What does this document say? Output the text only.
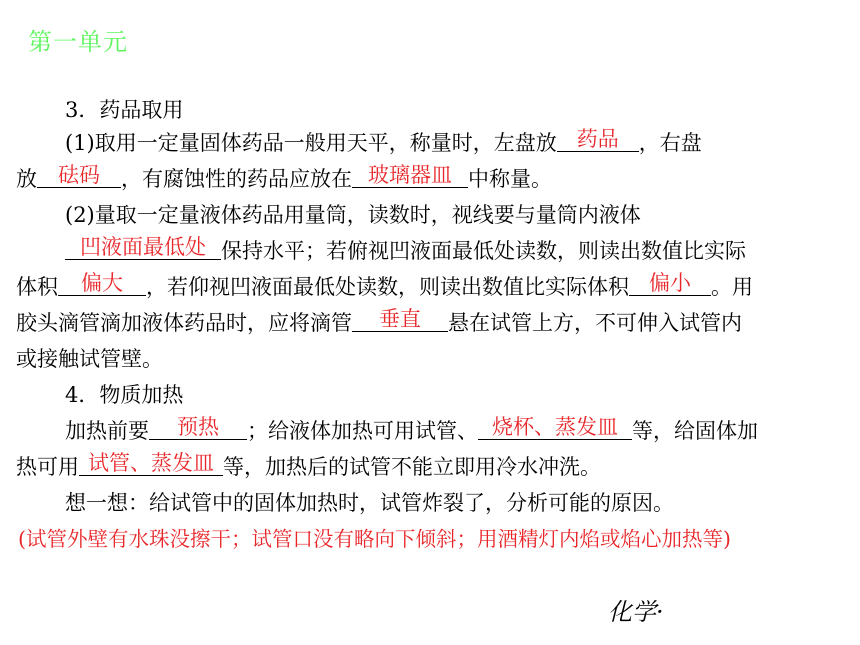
第一单元
3．药品取用
(1)取用一定量固体药品一般用天平，称量时，左盘放 药品 ，右盘
放 砝码 ，有腐蚀性的药品应放在 玻璃器皿 中称量。
(2)量取一定量液体药品用量筒，读数时，视线要与量筒内液体
凹液面最低处 保持水平；若俯视凹液面最低处读数，则读出数值比实际
体积 偏大 ，若仰视凹液面最低处读数，则读出数值比实际体积 偏小 。用
胶头滴管滴加液体药品时，应将滴管 垂直 悬在试管上方，不可伸入试管内
或接触试管壁。
4．物质加热
加热前要 预热 ；给液体加热可用试管、 烧杯、蒸发皿 等，给固体加
热可用 试管、蒸发皿 等，加热后的试管不能立即用冷水冲洗。
想一想：给试管中的固体加热时，试管炸裂了，分析可能的原因。
(试管外壁有水珠没擦干；试管口没有略向下倾斜；用酒精灯内焰或焰心加热等)
化学·
